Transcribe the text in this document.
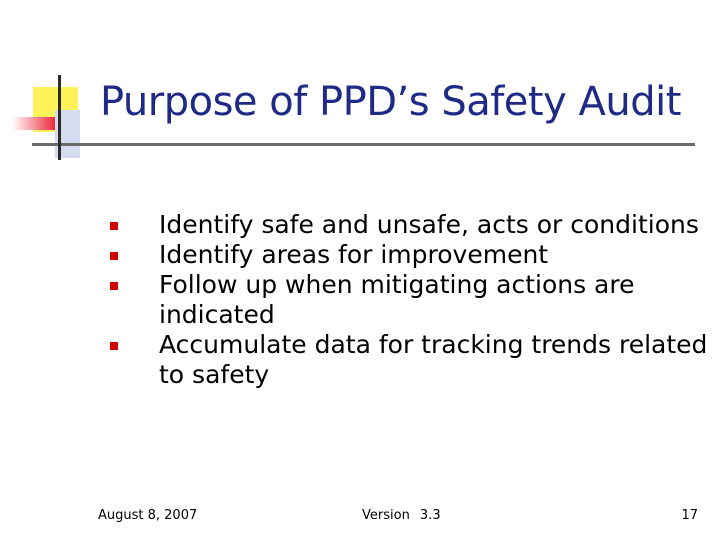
Purpose of PPD’s Safety Audit
Identify safe and unsafe, acts or conditions
Identify areas for improvement
Follow up when mitigating actions are indicated
Accumulate data for tracking trends related to safety
August 8, 2007	Version 3.3	17
